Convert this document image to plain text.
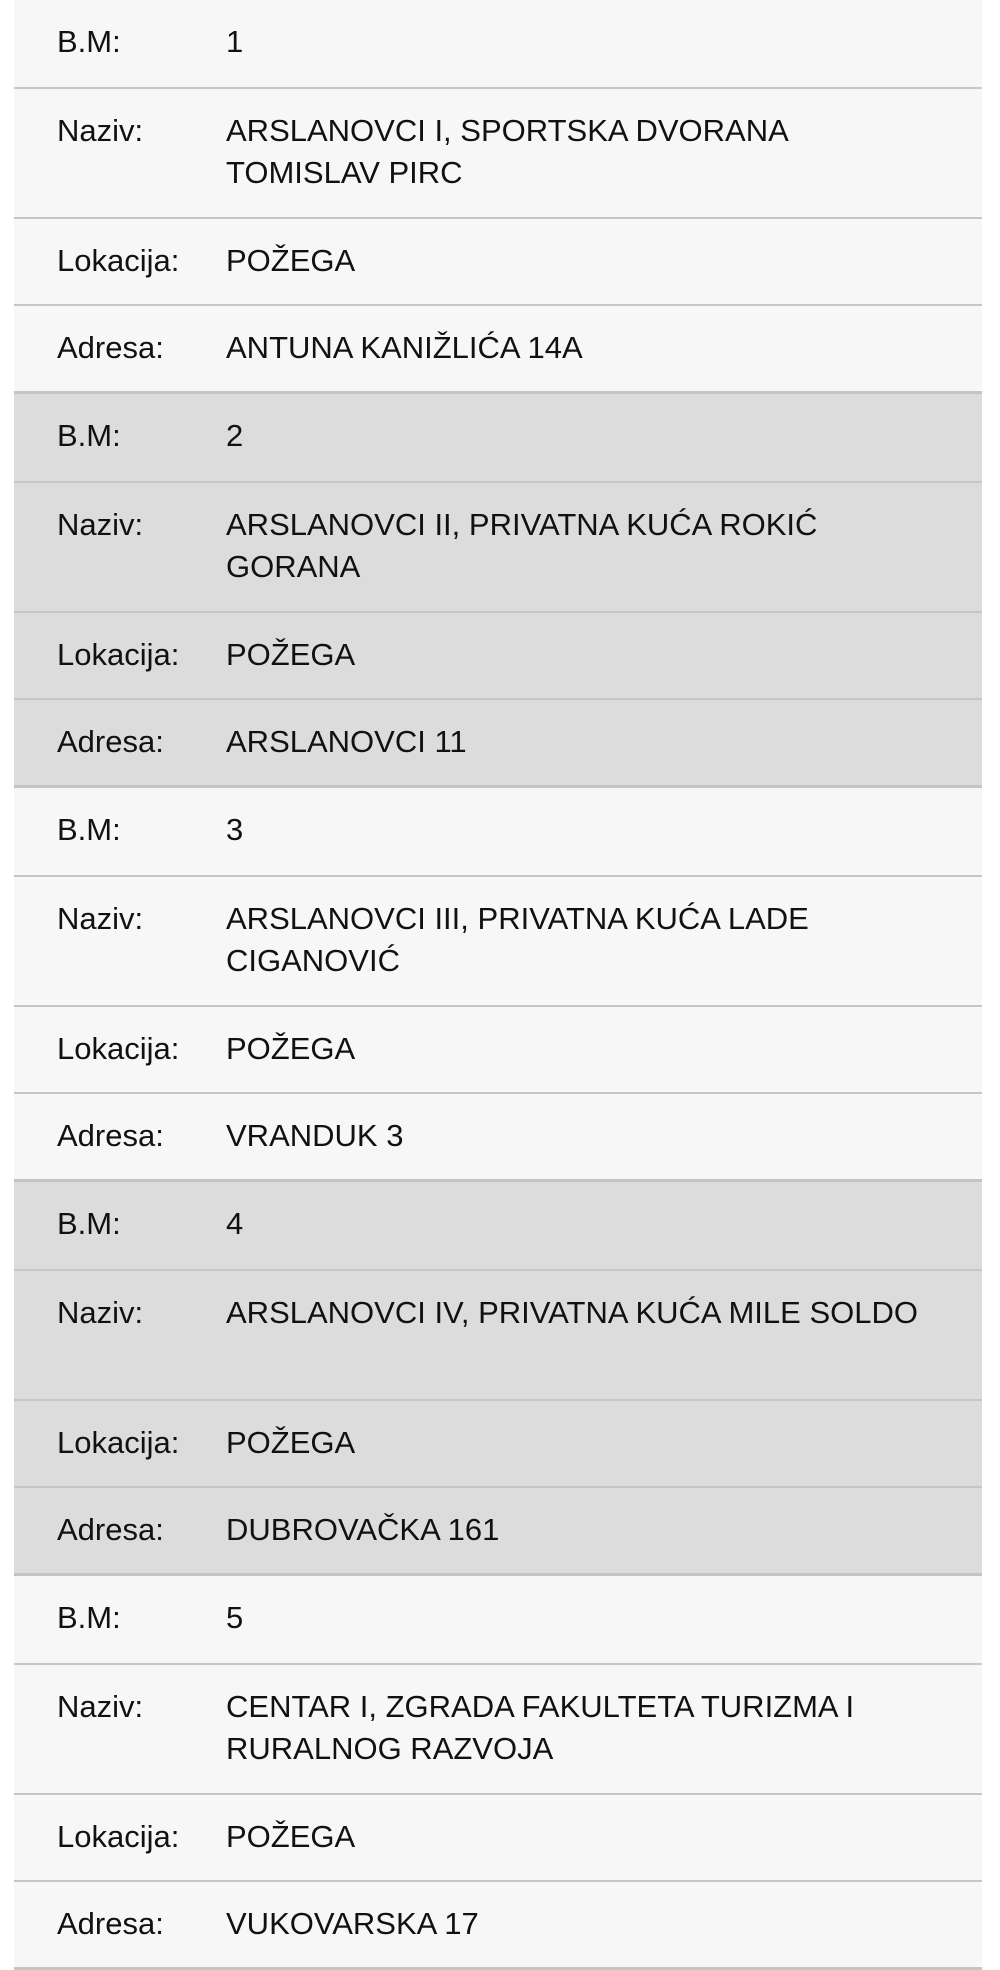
B.M:	1
Naziv:	ARSLANOVCI I, SPORTSKA DVORANA TOMISLAV PIRC
Lokacija:	POŽEGA
Adresa:	ANTUNA KANIŽLIĆA 14A
B.M:	2
Naziv:	ARSLANOVCI II, PRIVATNA KUĆA ROKIĆ GORANA
Lokacija:	POŽEGA
Adresa:	ARSLANOVCI 11
B.M:	3
Naziv:	ARSLANOVCI III, PRIVATNA KUĆA LADE CIGANOVIĆ
Lokacija:	POŽEGA
Adresa:	VRANDUK 3
B.M:	4
Naziv:	ARSLANOVCI IV, PRIVATNA KUĆA MILE SOLDO
Lokacija:	POŽEGA
Adresa:	DUBROVAČKA 161
B.M:	5
Naziv:	CENTAR I, ZGRADA FAKULTETA TURIZMA I RURALNOG RAZVOJA
Lokacija:	POŽEGA
Adresa:	VUKOVARSKA 17
